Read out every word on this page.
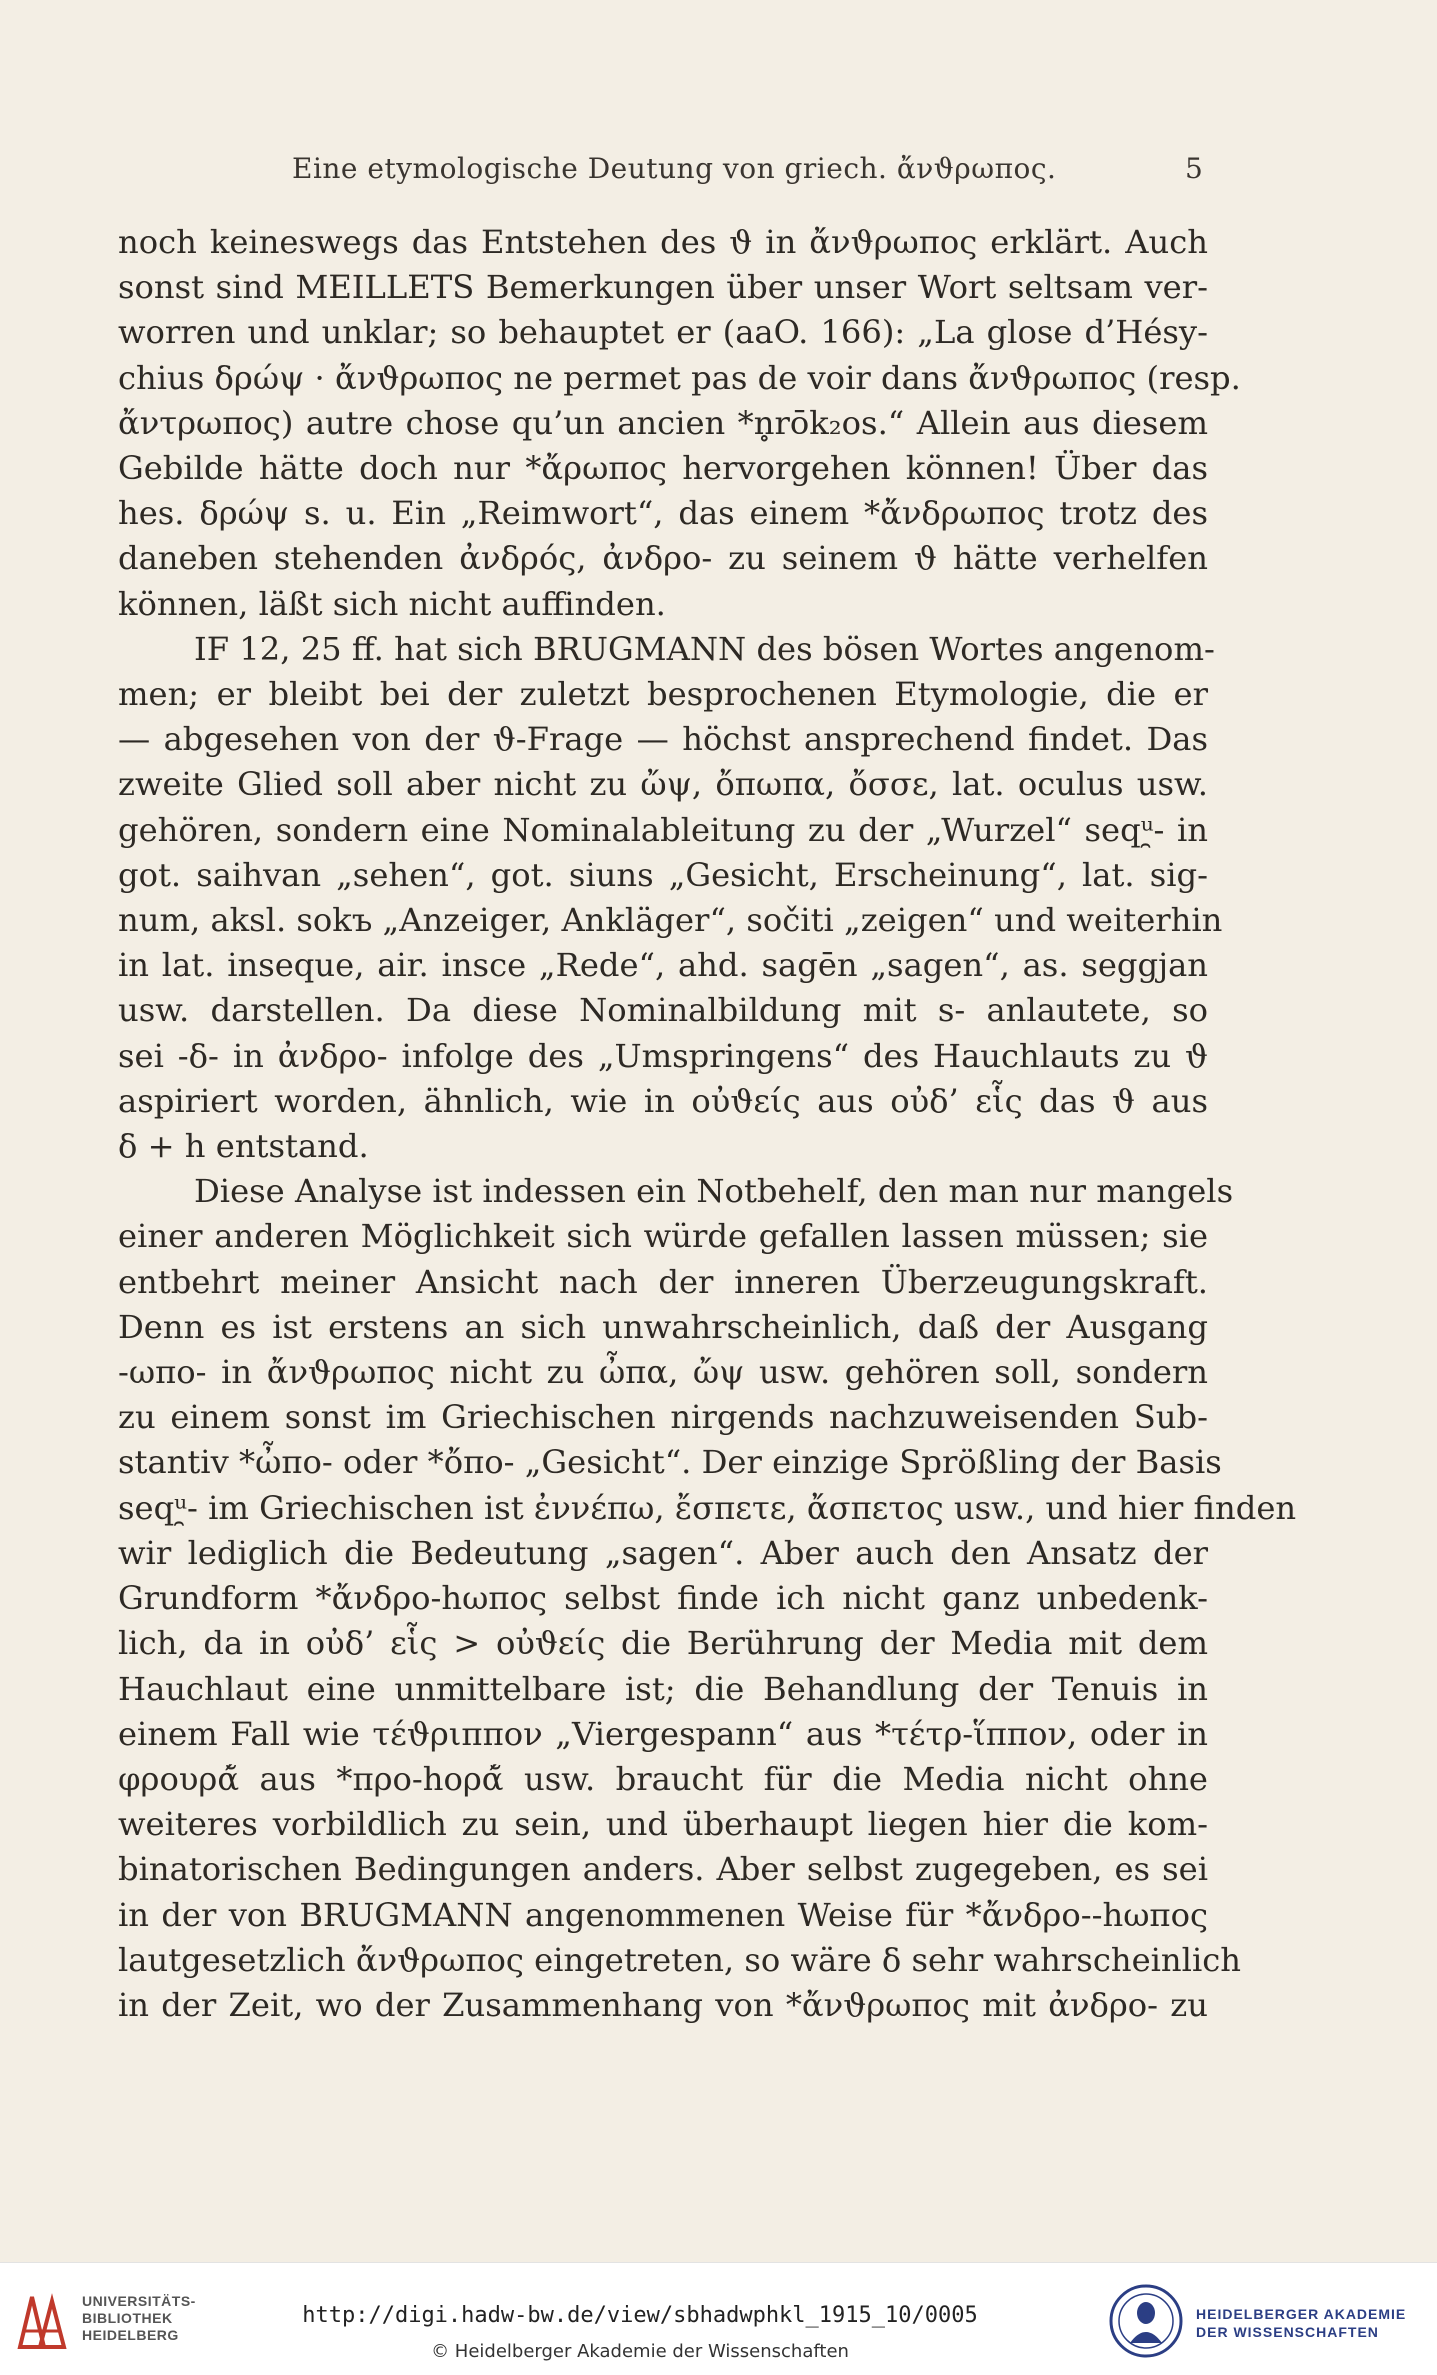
Eine etymologische Deutung von griech. ἄνϑρωπος.	5
noch keineswegs das Entstehen des ϑ in ἄνϑρωπος erklärt. Auch
sonst sind MEILLETS Bemerkungen über unser Wort seltsam ver-
worren und unklar; so behauptet er (aaO. 166): „La glose d’Hésy-
chius δρώψ · ἄνϑρωπος ne permet pas de voir dans ἄνϑρωπος (resp.
ἄντρωπος) autre chose qu’un ancien *n̥rōk₂os.“ Allein aus diesem
Gebilde hätte doch nur *ἄρωπος hervorgehen können! Über das
hes. δρώψ s. u. Ein „Reimwort“, das einem *ἄνδρωπος trotz des
daneben stehenden ἀνδρός, ἀνδρο- zu seinem ϑ hätte verhelfen
können, läßt sich nicht auffinden.
IF 12, 25 ff. hat sich BRUGMANN des bösen Wortes angenom-
men; er bleibt bei der zuletzt besprochenen Etymologie, die er
— abgesehen von der ϑ-Frage — höchst ansprechend findet. Das
zweite Glied soll aber nicht zu ὤψ, ὄπωπα, ὄσσε, lat. oculus usw.
gehören, sondern eine Nominalableitung zu der „Wurzel“ seqᵘ̯- in
got. saihvan „sehen“, got. siuns „Gesicht, Erscheinung“, lat. sig-
num, aksl. sokъ „Anzeiger, Ankläger“, sočiti „zeigen“ und weiterhin
in lat. inseque, air. insce „Rede“, ahd. sagēn „sagen“, as. seggjan
usw. darstellen. Da diese Nominalbildung mit s- anlautete, so
sei -δ- in ἀνδρο- infolge des „Umspringens“ des Hauchlauts zu ϑ
aspiriert worden, ähnlich, wie in οὐϑείς aus οὐδ’ εἷς das ϑ aus
δ + h entstand.
Diese Analyse ist indessen ein Notbehelf, den man nur mangels
einer anderen Möglichkeit sich würde gefallen lassen müssen; sie
entbehrt meiner Ansicht nach der inneren Überzeugungskraft.
Denn es ist erstens an sich unwahrscheinlich, daß der Ausgang
-ωπο- in ἄνϑρωπος nicht zu ὦπα, ὤψ usw. gehören soll, sondern
zu einem sonst im Griechischen nirgends nachzuweisenden Sub-
stantiv *ὦπο- oder *ὄπο- „Gesicht“. Der einzige Sprößling der Basis
seqᵘ̯- im Griechischen ist ἐννέπω, ἔσπετε, ἄσπετος usw., und hier finden
wir lediglich die Bedeutung „sagen“. Aber auch den Ansatz der
Grundform *ἄνδρο-hωπος selbst finde ich nicht ganz unbedenk-
lich, da in οὐδ’ εἷς > οὐϑείς die Berührung der Media mit dem
Hauchlaut eine unmittelbare ist; die Behandlung der Tenuis in
einem Fall wie τέϑριππον „Viergespann“ aus *τέτρ-ἵππον, oder in
φρουρά̆ aus *προ-hορά̆ usw. braucht für die Media nicht ohne
weiteres vorbildlich zu sein, und überhaupt liegen hier die kom-
binatorischen Bedingungen anders. Aber selbst zugegeben, es sei
in der von BRUGMANN angenommenen Weise für *ἄνδρο--hωπος
lautgesetzlich ἄνϑρωπος eingetreten, so wäre δ sehr wahrscheinlich
in der Zeit, wo der Zusammenhang von *ἄνϑρωπος mit ἀνδρο- zu
UNIVERSITÄTS-
BIBLIOTHEK
HEIDELBERG
http://digi.hadw-bw.de/view/sbhadwphkl_1915_10/0005
© Heidelberger Akademie der Wissenschaften
HEIDELBERGER AKADEMIE
DER WISSENSCHAFTEN
